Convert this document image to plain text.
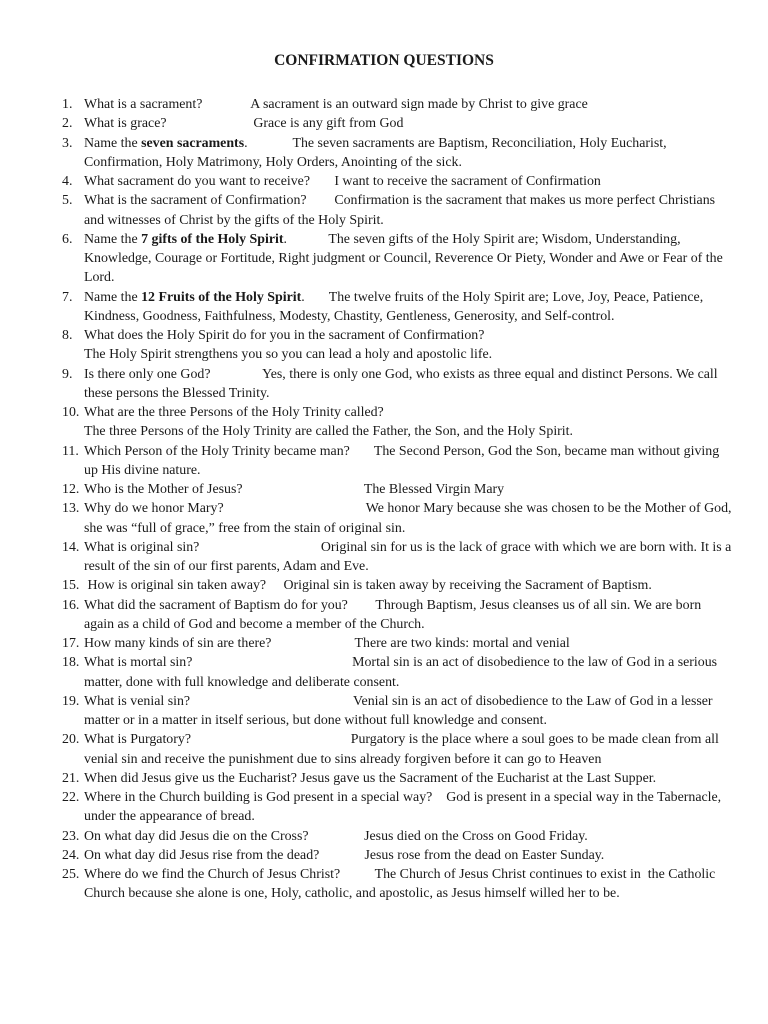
CONFIRMATION QUESTIONS
1. What is a sacrament?              A sacrament is an outward sign made by Christ to give grace
2. What is grace?                         Grace is any gift from God
3. Name the seven sacraments.             The seven sacraments are Baptism, Reconciliation, Holy Eucharist, Confirmation, Holy Matrimony, Holy Orders, Anointing of the sick.
4. What sacrament do you want to receive?       I want to receive the sacrament of Confirmation
5. What is the sacrament of Confirmation?        Confirmation is the sacrament that makes us more perfect Christians and witnesses of Christ by the gifts of the Holy Spirit.
6. Name the 7 gifts of the Holy Spirit.            The seven gifts of the Holy Spirit are; Wisdom, Understanding, Knowledge, Courage or Fortitude, Right judgment or Council, Reverence Or Piety, Wonder and Awe or Fear of the Lord.
7. Name the 12 Fruits of the Holy Spirit.       The twelve fruits of the Holy Spirit are; Love, Joy, Peace, Patience, Kindness, Goodness, Faithfulness, Modesty, Chastity, Gentleness, Generosity, and Self-control.
8. What does the Holy Spirit do for you in the sacrament of Confirmation?
The Holy Spirit strengthens you so you can lead a holy and apostolic life.
9. Is there only one God?               Yes, there is only one God, who exists as three equal and distinct Persons. We call these persons the Blessed Trinity.
10. What are the three Persons of the Holy Trinity called?
The three Persons of the Holy Trinity are called the Father, the Son, and the Holy Spirit.
11. Which Person of the Holy Trinity became man?       The Second Person, God the Son, became man without giving up His divine nature.
12. Who is the Mother of Jesus?                                   The Blessed Virgin Mary
13. Why do we honor Mary?                                         We honor Mary because she was chosen to be the Mother of God, she was “full of grace,” free from the stain of original sin.
14. What is original sin?                                   Original sin for us is the lack of grace with which we are born with. It is a result of the sin of our first parents, Adam and Eve.
15. How is original sin taken away?     Original sin is taken away by receiving the Sacrament of Baptism.
16. What did the sacrament of Baptism do for you?        Through Baptism, Jesus cleanses us of all sin. We are born again as a child of God and become a member of the Church.
17. How many kinds of sin are there?                        There are two kinds: mortal and venial
18. What is mortal sin?                                              Mortal sin is an act of disobedience to the law of God in a serious matter, done with full knowledge and deliberate consent.
19. What is venial sin?                                               Venial sin is an act of disobedience to the Law of God in a lesser matter or in a matter in itself serious, but done without full knowledge and consent.
20. What is Purgatory?                                              Purgatory is the place where a soul goes to be made clean from all venial sin and receive the punishment due to sins already forgiven before it can go to Heaven
21. When did Jesus give us the Eucharist? Jesus gave us the Sacrament of the Eucharist at the Last Supper.
22. Where in the Church building is God present in a special way?    God is present in a special way in the Tabernacle, under the appearance of bread.
23. On what day did Jesus die on the Cross?                Jesus died on the Cross on Good Friday.
24. On what day did Jesus rise from the dead?             Jesus rose from the dead on Easter Sunday.
25. Where do we find the Church of Jesus Christ?          The Church of Jesus Christ continues to exist in  the Catholic Church because she alone is one, Holy, catholic, and apostolic, as Jesus himself willed her to be.
